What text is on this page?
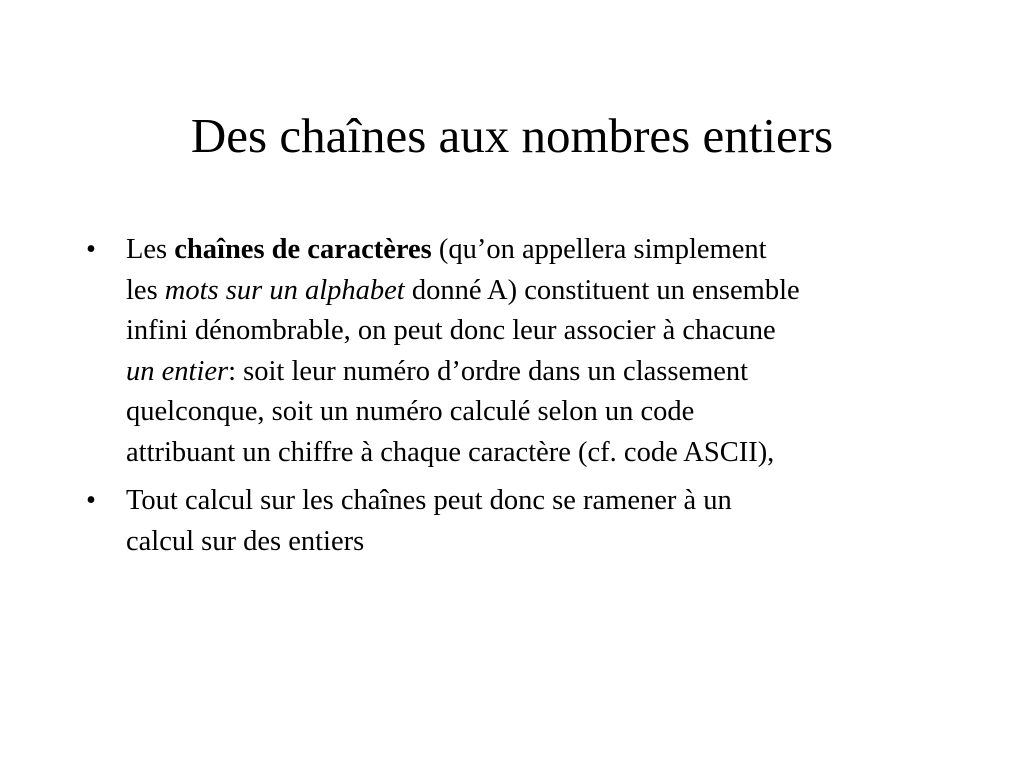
Des chaînes aux nombres entiers
• Les chaînes de caractères (qu’on appellera simplement
les mots sur un alphabet donné A) constituent un ensemble
infini dénombrable, on peut donc leur associer à chacune
un entier: soit leur numéro d’ordre dans un classement
quelconque, soit un numéro calculé selon un code
attribuant un chiffre à chaque caractère (cf. code ASCII),
• Tout calcul sur les chaînes peut donc se ramener à un
calcul sur des entiers
